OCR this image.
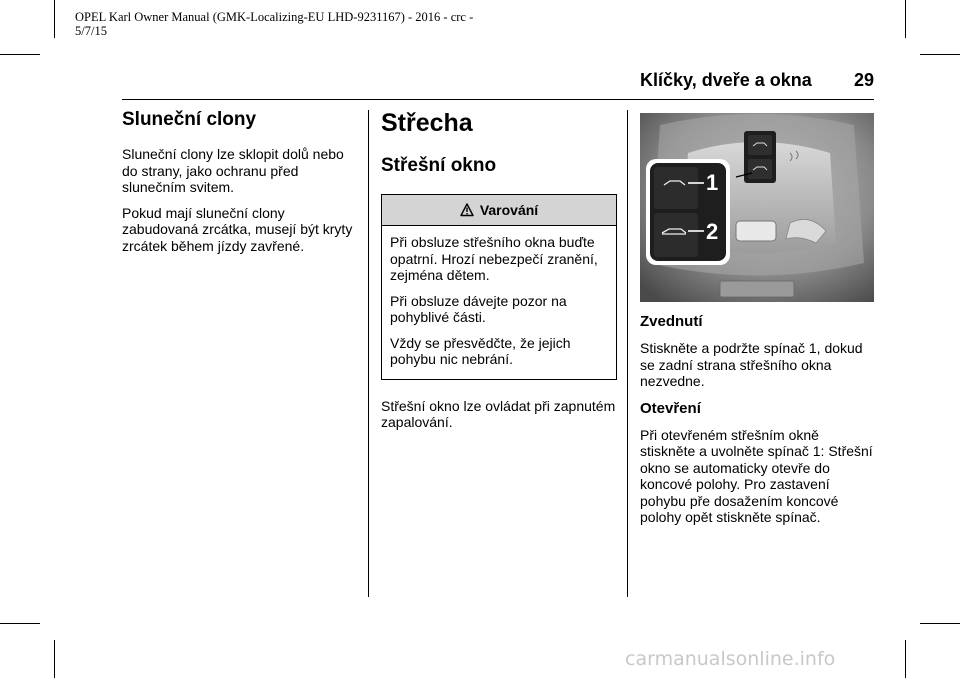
OPEL Karl Owner Manual (GMK-Localizing-EU LHD-9231167) - 2016 - crc -
5/7/15
Klíčky, dveře a okna 29
Sluneční clony

Sluneční clony lze sklopit dolů nebo do strany, jako ochranu před slunečním svitem.

Pokud mají sluneční clony zabudovaná zrcátka, musejí být kryty zrcátek během jízdy zavřené.

Střecha
Střešní okno
Varování

Při obsluze střešního okna buďte opatrní. Hrozí nebezpečí zranění, zejména dětem.

Při obsluze dávejte pozor na pohyblivé části.

Vždy se přesvědčte, že jejich pohybu nic nebrání.

Střešní okno lze ovládat při zapnutém zapalování.

1
2
Zvednutí

Stiskněte a podržte spínač 1, dokud se zadní strana střešního okna nezvedne.

Otevření

Při otevřeném střešním okně stiskněte a uvolněte spínač 1: Střešní okno se automaticky otevře do koncové polohy. Pro zastavení pohybu pře dosažením koncové polohy opět stiskněte spínač.

carmanualsonline.info
